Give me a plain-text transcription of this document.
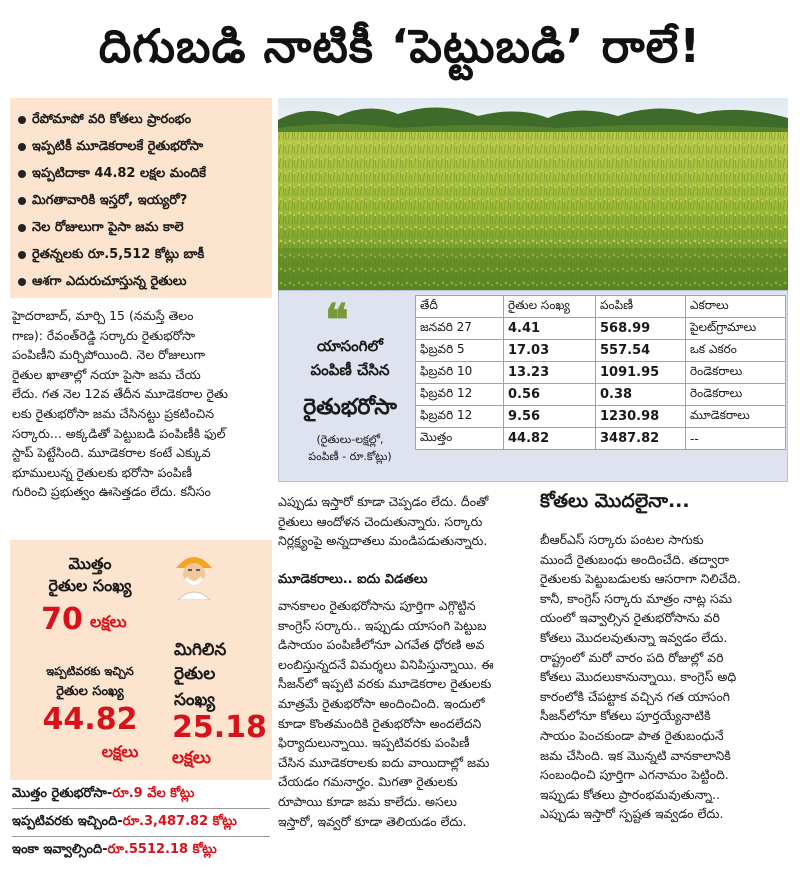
దిగుబడి నాటికీ ‘పెట్టుబడి’ రాలే!
రేపోమాపో వరి కోతలు ప్రారంభం
ఇప్పటికీ మూడెకరాలకే రైతుభరోసా
ఇప్పటిదాకా 44.82 లక్షల మందికే
మిగతావారికి ఇస్తరో, ఇయ్యరో?
నెల రోజులుగా పైసా జమ కాలె
రైతన్నలకు రూ.5,512 కోట్లు బాకీ
ఆశగా ఎదురుచూస్తున్న రైతులు
❝
యాసంగిలో
పంపిణీ చేసిన
రైతుభరోసా
(రైతులు-లక్షల్లో,
పంపిణీ - రూ.కోట్లు)
తేదీ	రైతుల సంఖ్య	పంపిణీ	ఎకరాలు
జనవరి 27	4.41	568.99	పైలట్‌గ్రామాలు
ఫిబ్రవరి 5	17.03	557.54	ఒక ఎకరం
ఫిబ్రవరి 10	13.23	1091.95	రెండెకరాలు
ఫిబ్రవరి 12	0.56	0.38	రెండెకరాలు
ఫిబ్రవరి 12	9.56	1230.98	మూడెకరాలు
మొత్తం	44.82	3487.82	--
హైదరాబాద్, మార్చి 15 (నమస్తే తెలం
గాణ): రేవంత్‌రెడ్డి సర్కారు రైతుభరోసా
పంపిణీని మర్చిపోయింది. నెల రోజులుగా
రైతుల ఖాతాల్లో నయా పైసా జమ చేయ
లేదు. గత నెల 12వ తేదీన మూడెకరాల రైతు
లకు రైతుభరోసా జమ చేసినట్టు ప్రకటించిన
సర్కారు... అక్కడితో పెట్టుబడి పంపిణీకి ఫుల్
స్టాప్ పెట్టేసింది. మూడెకరాల కంటే ఎక్కువ
భూములున్న రైతులకు భరోసా పంపిణీ
గురించి ప్రభుత్వం ఊసెత్తడం లేదు. కనీసం
మొత్తం
రైతుల సంఖ్య
70 లక్షలు
ఇప్పటివరకు ఇచ్చిన
రైతుల సంఖ్య
44.82
లక్షలు
మిగిలిన
రైతుల
సంఖ్య
25.18
లక్షలు
మొత్తం రైతుభరోసా-రూ.9 వేల కోట్లు
ఇప్పటివరకు ఇచ్చింది-రూ.3,487.82 కోట్లు
ఇంకా ఇవ్వాల్సింది-రూ.5512.18 కోట్లు
ఎప్పుడు ఇస్తారో కూడా చెప్పడం లేదు. దీంతో
రైతులు ఆందోళన చెందుతున్నారు. సర్కారు
నిర్లక్ష్యంపై అన్నదాతలు మండిపడుతున్నారు.
మూడెకరాలు.. ఐదు విడతలు
వానకాలం రైతుభరోసాను పూర్తిగా ఎగ్గొట్టిన
కాంగ్రెస్ సర్కారు.. ఇప్పుడు యాసంగి పెట్టుబ
డిసాయం పంపిణీలోనూ ఎగవేత ధోరణి అవ
లంబిస్తున్నదనే విమర్శలు వినిపిస్తున్నాయి. ఈ
సీజన్‌లో ఇప్పటి వరకు మూడెకరాల రైతులకు
మాత్రమే రైతుభరోసా అందించింది. ఇందులో
కూడా కొంతమందికి రైతుభరోసా అందలేదని
ఫిర్యాదులున్నాయి. ఇప్పటివరకు పంపిణీ
చేసిన మూడెకరాలకు ఐదు వాయిదాల్లో జమ
చేయడం గమనార్హం. మిగతా రైతులకు
రూపాయి కూడా జమ కాలేదు. అసలు
ఇస్తారో, ఇవ్వరో కూడా తెలియడం లేదు.
కోతలు మొదలైనా...
బీఆర్‌ఎస్ సర్కారు పంటల సాగుకు
ముందే రైతుబంధు అందించేది. తద్వారా
రైతులకు పెట్టుబడులకు ఆసరాగా నిలిచేది.
కానీ, కాంగ్రెస్ సర్కారు మాత్రం నాట్ల సమ
యంలో ఇవ్వాల్సిన రైతుభరోసాను వరి
కోతలు మొదలవుతున్నా ఇవ్వడం లేదు.
రాష్ట్రంలో మరో వారం పది రోజుల్లో వరి
కోతలు మొదలుకానున్నాయి. కాంగ్రెస్ అధి
కారంలోకి చేపట్టాక వచ్చిన గత యాసంగి
సీజన్‌లోనూ కోతలు పూర్తయ్యేనాటికి
సాయం పెంచకుండా పాత రైతుబంధునే
జమ చేసింది. ఇక మొన్నటి వానకాలానికి
సంబంధించి పూర్తిగా ఎగనామం పెట్టింది.
ఇప్పుడు కోతలు ప్రారంభమవుతున్నా..
ఎప్పుడు ఇస్తారో స్పష్టత ఇవ్వడం లేదు.
